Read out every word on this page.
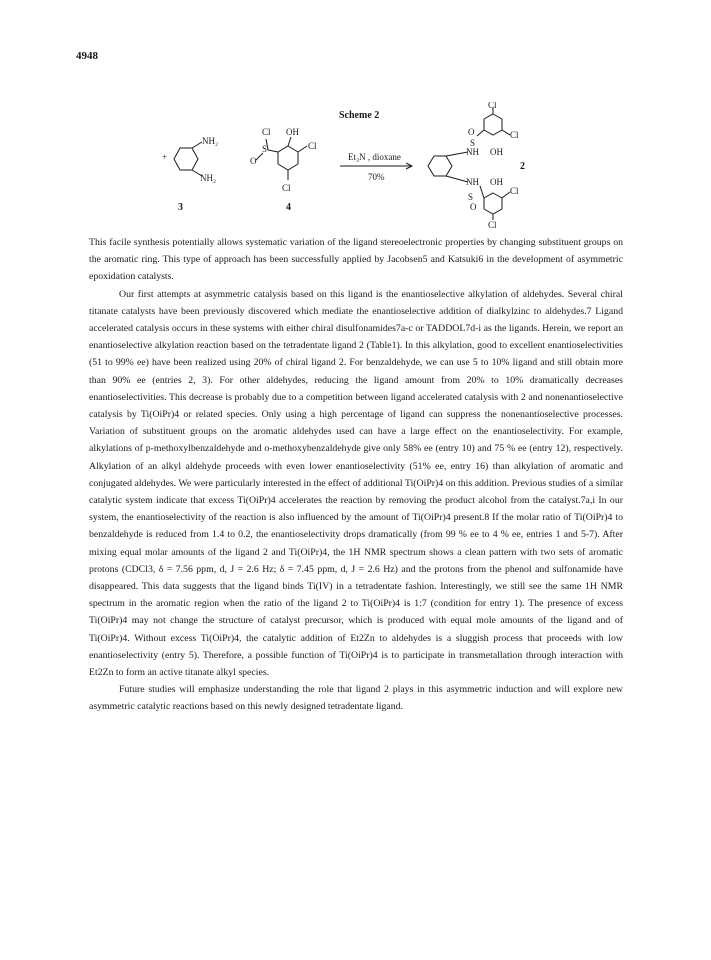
4948
Scheme 2
NH₂
NH₂
+
Cl OH
S
O
Cl
Cl
3	4
Et₃N , dioxane
70%
Cl
Cl
O
S
NH OH
2
NH OH
Cl
S
O
Cl

This facile synthesis potentially allows systematic variation of the ligand stereoelectronic properties by changing substituent groups on the aromatic ring. This type of approach has been successfully applied by Jacobsen5 and Katsuki6 in the development of asymmetric epoxidation catalysts.

Our first attempts at asymmetric catalysis based on this ligand is the enantioselective alkylation of aldehydes. Several chiral titanate catalysts have been previously discovered which mediate the enantioselective addition of dialkylzinc to aldehydes.7 Ligand accelerated catalysis occurs in these systems with either chiral disulfonamides7a-c or TADDOL7d-i as the ligands. Herein, we report an enantioselective alkylation reaction based on the tetradentate ligand 2 (Table1). In this alkylation, good to excellent enantioselectivities (51 to 99% ee) have been realized using 20% of chiral ligand 2. For benzaldehyde, we can use 5 to 10% ligand and still obtain more than 90% ee (entries 2, 3). For other aldehydes, reducing the ligand amount from 20% to 10% dramatically decreases enantioselectivities. This decrease is probably due to a competition between ligand accelerated catalysis with 2 and nonenantioselective catalysis by Ti(OiPr)4 or related species. Only using a high percentage of ligand can suppress the nonenantioselective processes. Variation of substituent groups on the aromatic aldehydes used can have a large effect on the enantioselectivity. For example, alkylations of p-methoxylbenzaldehyde and o-methoxybenzaldehyde give only 58% ee (entry 10) and 75 % ee (entry 12), respectively. Alkylation of an alkyl aldehyde proceeds with even lower enantioselectivity (51% ee, entry 16) than alkylation of aromatic and conjugated aldehydes. We were particularly interested in the effect of additional Ti(OiPr)4 on this addition. Previous studies of a similar catalytic system indicate that excess Ti(OiPr)4 accelerates the reaction by removing the product alcohol from the catalyst.7a,i In our system, the enantioselectivity of the reaction is also influenced by the amount of Ti(OiPr)4 present.8 If the molar ratio of Ti(OiPr)4 to benzaldehyde is reduced from 1.4 to 0.2, the enantioselectivity drops dramatically (from 99 % ee to 4 % ee, entries 1 and 5-7). After mixing equal molar amounts of the ligand 2 and Ti(OiPr)4, the 1H NMR spectrum shows a clean pattern with two sets of aromatic protons (CDCl3, δ = 7.56 ppm, d, J = 2.6 Hz; δ = 7.45 ppm, d, J = 2.6 Hz) and the protons from the phenol and sulfonamide have disappeared. This data suggests that the ligand binds Ti(IV) in a tetradentate fashion. Interestingly, we still see the same 1H NMR spectrum in the aromatic region when the ratio of the ligand 2 to Ti(OiPr)4 is 1:7 (condition for entry 1). The presence of excess Ti(OiPr)4 may not change the structure of catalyst precursor, which is produced with equal mole amounts of the ligand and of Ti(OiPr)4. Without excess Ti(OiPr)4, the catalytic addition of Et2Zn to aldehydes is a sluggish process that proceeds with low enantioselectivity (entry 5). Therefore, a possible function of Ti(OiPr)4 is to participate in transmetallation through interaction with Et2Zn to form an active titanate alkyl species.

Future studies will emphasize understanding the role that ligand 2 plays in this asymmetric induction and will explore new asymmetric catalytic reactions based on this newly designed tetradentate ligand.
